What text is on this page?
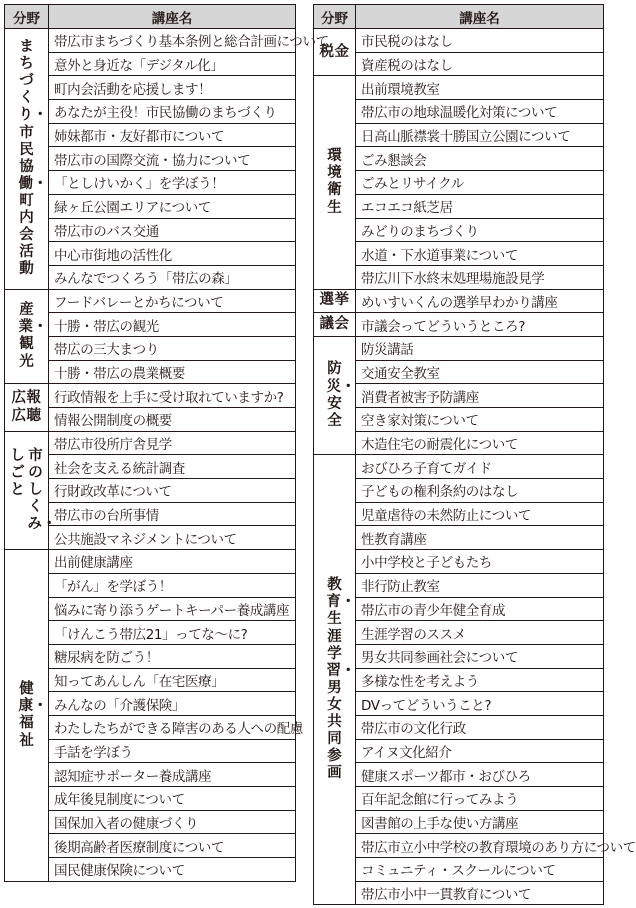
分野	講座名
まちづくり・市民協働・町内会活動	帯広市まちづくり基本条例と総合計画について
	意外と身近な「デジタル化」
	町内会活動を応援します！
	あなたが主役！市民協働のまちづくり
	姉妹都市・友好都市について
	帯広市の国際交流・協力について
	「としけいかく」を学ぼう！
	緑ヶ丘公園エリアについて
	帯広市のバス交通
	中心市街地の活性化
	みんなでつくろう「帯広の森」
産業・観光	フードバレーとかちについて
	十勝・帯広の観光
	帯広の三大まつり
	十勝・帯広の農業概要

広報
広聴	行政情報を上手に受け取れていますか?
	情報公開制度の概要

市のしくみ・
しごと	帯広市役所庁舎見学
	社会を支える統計調査
	行財政改革について
	帯広市の台所事情
	公共施設マネジメントについて
健康・福祉	出前健康講座
	「がん」を学ぼう！
	悩みに寄り添うゲートキーパー養成講座
	「けんこう帯広21」ってな〜に?
	糖尿病を防ごう！
	知ってあんしん「在宅医療」
	みんなの「介護保険」
	わたしたちができる障害のある人への配慮
	手話を学ぼう
	認知症サポーター養成講座
	成年後見制度について
	国保加入者の健康づくり
	後期高齢者医療制度について
	国民健康保険について
分野	講座名
税金	市民税のはなし
	資産税のはなし
環境衛生	出前環境教室
	帯広市の地球温暖化対策について
	日高山脈襟裳十勝国立公園について
	ごみ懇談会
	ごみとリサイクル
	エコエコ紙芝居
	みどりのまちづくり
	水道・下水道事業について
	帯広川下水終末処理場施設見学
選挙	めいすいくんの選挙早わかり講座
議会	市議会ってどういうところ?
防災・安全	防災講話
	交通安全教室
	消費者被害予防講座
	空き家対策について
	木造住宅の耐震化について
教育・生涯学習・男女共同参画	おびひろ子育てガイド
	子どもの権利条約のはなし
	児童虐待の未然防止について
	性教育講座
	小中学校と子どもたち
	非行防止教室
	帯広市の青少年健全育成
	生涯学習のススメ
	男女共同参画社会について
	多様な性を考えよう
	DVってどういうこと?
	帯広市の文化行政
	アイヌ文化紹介
	健康スポーツ都市・おびひろ
	百年記念館に行ってみよう
	図書館の上手な使い方講座
	帯広市立小中学校の教育環境のあり方について
	コミュニティ・スクールについて
	帯広市小中一貫教育について
